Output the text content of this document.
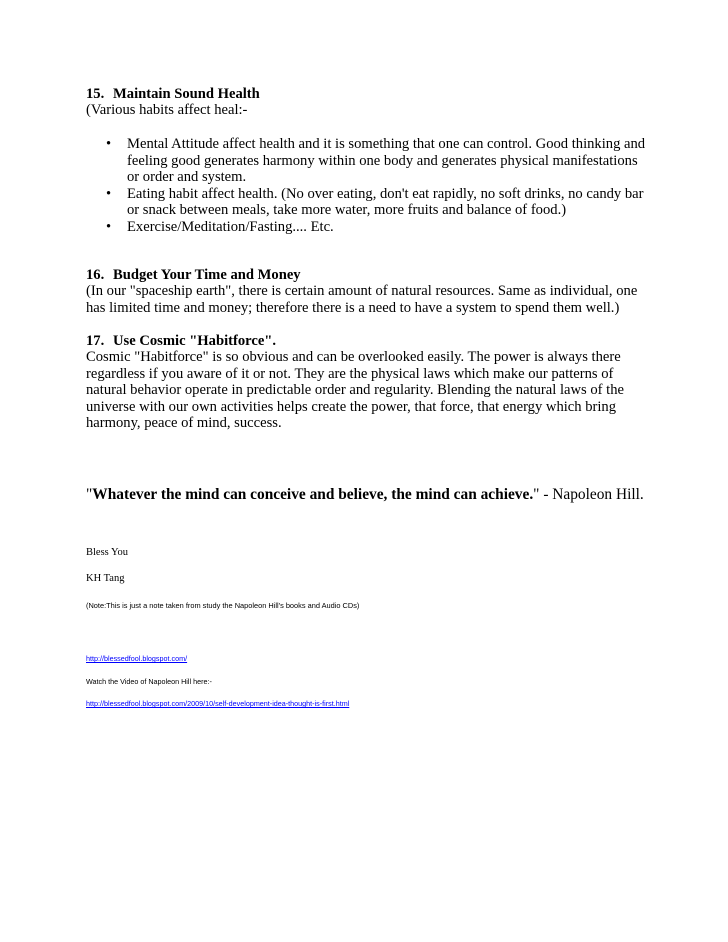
15. Maintain Sound Health
(Various habits affect heal:-
• Mental Attitude affect health and it is something that one can control. Good thinking and feeling good generates harmony within one body and generates physical manifestations or order and system.
• Eating habit affect health. (No over eating, don't eat rapidly, no soft drinks, no candy bar or snack between meals, take more water, more fruits and balance of food.)
• Exercise/Meditation/Fasting.... Etc.
16. Budget Your Time and Money
(In our "spaceship earth", there is certain amount of natural resources. Same as individual, one has limited time and money; therefore there is a need to have a system to spend them well.)
17. Use Cosmic "Habitforce".
Cosmic "Habitforce" is so obvious and can be overlooked easily. The power is always there regardless if you aware of it or not. They are the physical laws which make our patterns of natural behavior operate in predictable order and regularity. Blending the natural laws of the universe with our own activities helps create the power, that force, that energy which bring harmony, peace of mind, success.
"Whatever the mind can conceive and believe, the mind can achieve." - Napoleon Hill.
Bless You
KH Tang
(Note:This is just a note taken from study the Napoleon Hill's books and Audio CDs)
http://blessedfool.blogspot.com/
Watch the Video of Napoleon Hill here:-
http://blessedfool.blogspot.com/2009/10/self-development-idea-thought-is-first.html
